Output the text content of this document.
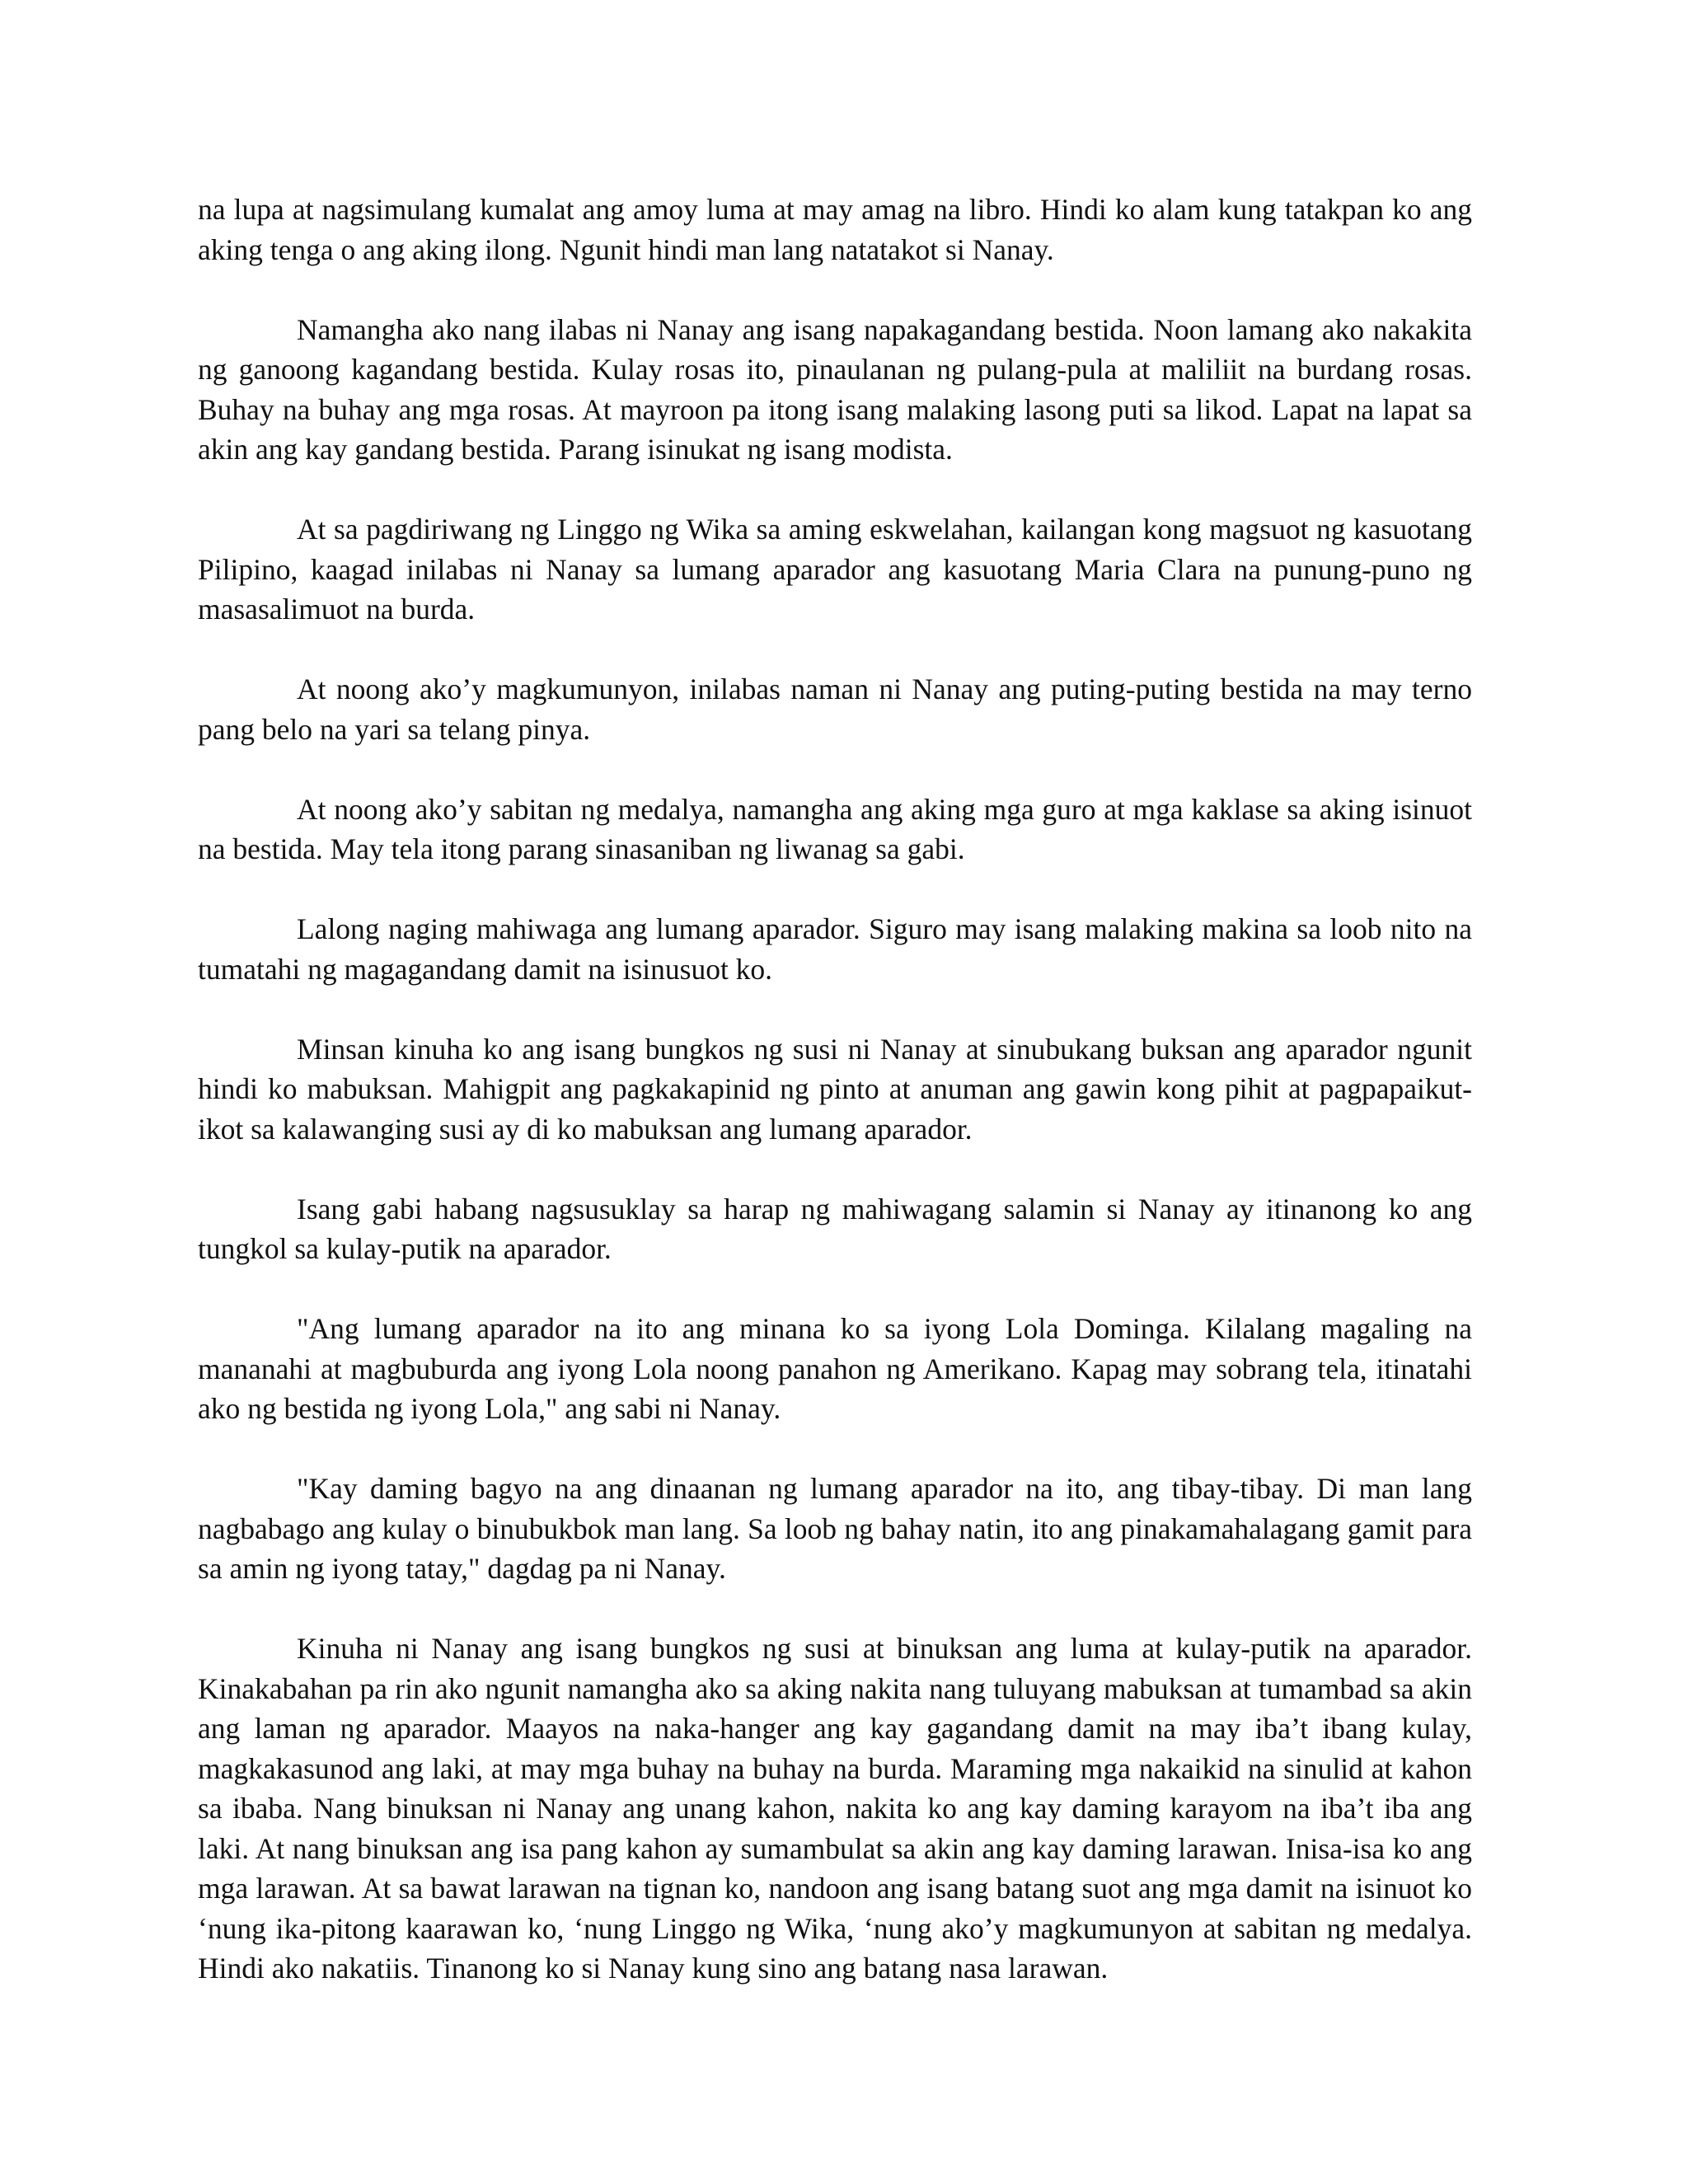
na lupa at nagsimulang kumalat ang amoy luma at may amag na libro. Hindi ko alam kung tatakpan ko ang aking tenga o ang aking ilong. Ngunit hindi man lang natatakot si Nanay.

Namangha ako nang ilabas ni Nanay ang isang napakagandang bestida. Noon lamang ako nakakita ng ganoong kagandang bestida. Kulay rosas ito, pinaulanan ng pulang-pula at maliliit na burdang rosas. Buhay na buhay ang mga rosas. At mayroon pa itong isang malaking lasong puti sa likod. Lapat na lapat sa akin ang kay gandang bestida. Parang isinukat ng isang modista.

At sa pagdiriwang ng Linggo ng Wika sa aming eskwelahan, kailangan kong magsuot ng kasuotang Pilipino, kaagad inilabas ni Nanay sa lumang aparador ang kasuotang Maria Clara na punung-puno ng masasalimuot na burda.

At noong ako’y magkumunyon, inilabas naman ni Nanay ang puting-puting bestida na may terno pang belo na yari sa telang pinya.

At noong ako’y sabitan ng medalya, namangha ang aking mga guro at mga kaklase sa aking isinuot na bestida. May tela itong parang sinasaniban ng liwanag sa gabi.

Lalong naging mahiwaga ang lumang aparador. Siguro may isang malaking makina sa loob nito na tumatahi ng magagandang damit na isinusuot ko.

Minsan kinuha ko ang isang bungkos ng susi ni Nanay at sinubukang buksan ang aparador ngunit hindi ko mabuksan. Mahigpit ang pagkakapinid ng pinto at anuman ang gawin kong pihit at pagpapaikut-ikot sa kalawanging susi ay di ko mabuksan ang lumang aparador.

Isang gabi habang nagsusuklay sa harap ng mahiwagang salamin si Nanay ay itinanong ko ang tungkol sa kulay-putik na aparador.

"Ang lumang aparador na ito ang minana ko sa iyong Lola Dominga. Kilalang magaling na mananahi at magbuburda ang iyong Lola noong panahon ng Amerikano. Kapag may sobrang tela, itinatahi ako ng bestida ng iyong Lola," ang sabi ni Nanay.

"Kay daming bagyo na ang dinaanan ng lumang aparador na ito, ang tibay-tibay. Di man lang nagbabago ang kulay o binubukbok man lang. Sa loob ng bahay natin, ito ang pinakamahalagang gamit para sa amin ng iyong tatay," dagdag pa ni Nanay.

Kinuha ni Nanay ang isang bungkos ng susi at binuksan ang luma at kulay-putik na aparador. Kinakabahan pa rin ako ngunit namangha ako sa aking nakita nang tuluyang mabuksan at tumambad sa akin ang laman ng aparador. Maayos na naka-hanger ang kay gagandang damit na may iba’t ibang kulay, magkakasunod ang laki, at may mga buhay na buhay na burda. Maraming mga nakaikid na sinulid at kahon sa ibaba. Nang binuksan ni Nanay ang unang kahon, nakita ko ang kay daming karayom na iba’t iba ang laki. At nang binuksan ang isa pang kahon ay sumambulat sa akin ang kay daming larawan. Inisa-isa ko ang mga larawan. At sa bawat larawan na tignan ko, nandoon ang isang batang suot ang mga damit na isinuot ko ‘nung ika-pitong kaarawan ko, ‘nung Linggo ng Wika, ‘nung ako’y magkumunyon at sabitan ng medalya. Hindi ako nakatiis. Tinanong ko si Nanay kung sino ang batang nasa larawan.
